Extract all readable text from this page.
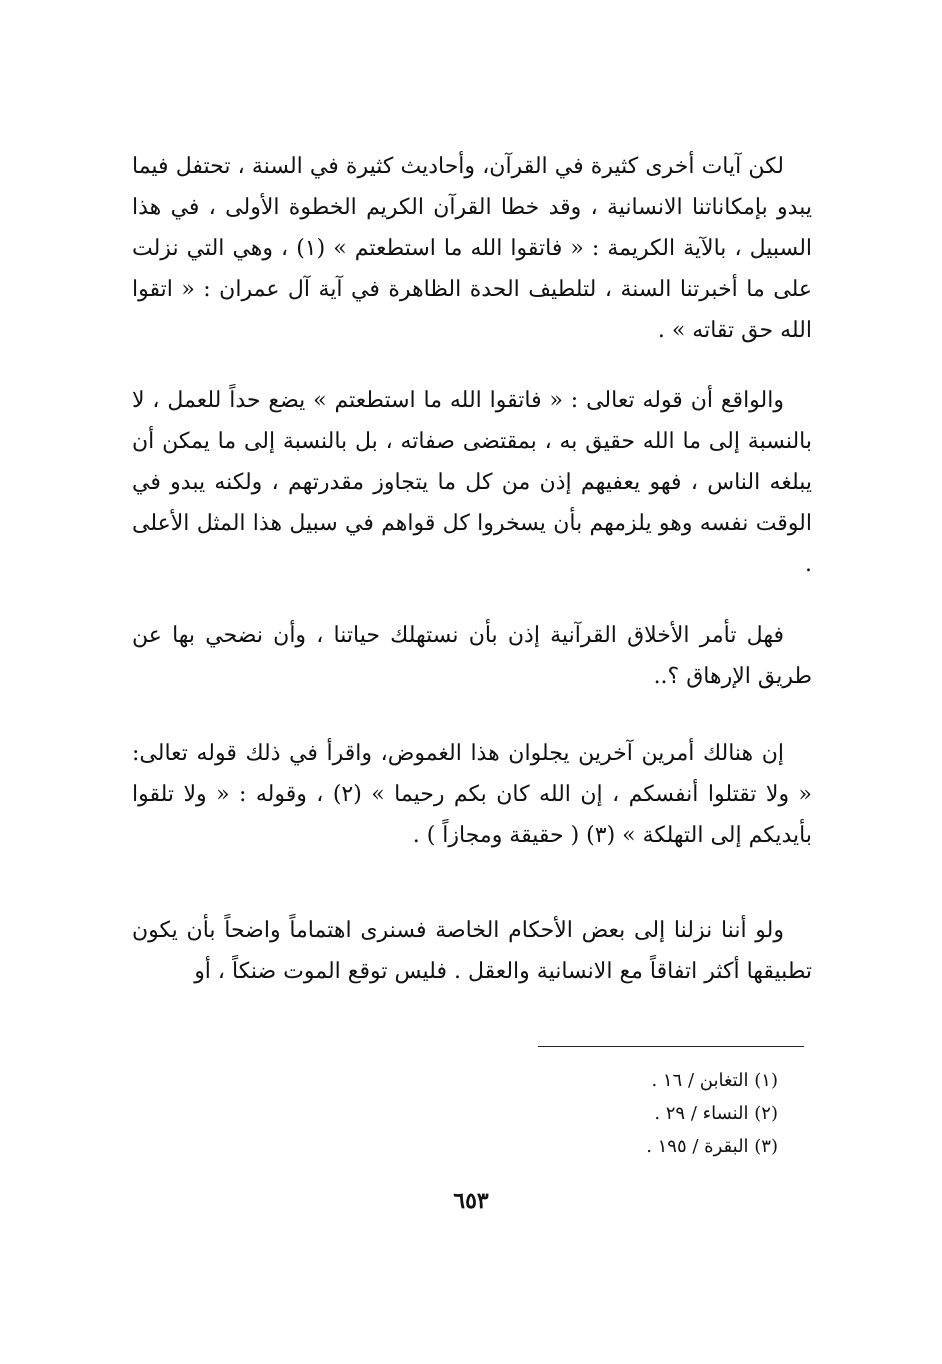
لكن آيات أخرى كثيرة في القرآن، وأحاديث كثيرة في السنة ، تحتفل فيما يبدو بإمكاناتنا الانسانية ، وقد خطا القرآن الكريم الخطوة الأولى ، في هذا السبيل ، بالآية الكريمة : « فاتقوا الله ما استطعتم » (١) ، وهي التي نزلت على ما أخبرتنا السنة ، لتلطيف الحدة الظاهرة في آية آل عمران : « اتقوا الله حق تقاته » .

والواقع أن قوله تعالى : « فاتقوا الله ما استطعتم » يضع حداً للعمل ، لا بالنسبة إلى ما الله حقيق به ، بمقتضى صفاته ، بل بالنسبة إلى ما يمكن أن يبلغه الناس ، فهو يعفيهم إذن من كل ما يتجاوز مقدرتهم ، ولكنه يبدو في الوقت نفسه وهو يلزمهم بأن يسخروا كل قواهم في سبيل هذا المثل الأعلى .

فهل تأمر الأخلاق القرآنية إذن بأن نستهلك حياتنا ، وأن نضحي بها عن طريق الإرهاق ؟..

إن هنالك أمرين آخرين يجلوان هذا الغموض، واقرأ في ذلك قوله تعالى: « ولا تقتلوا أنفسكم ، إن الله كان بكم رحيما » (٢) ، وقوله : « ولا تلقوا بأيديكم إلى التهلكة » (٣) ( حقيقة ومجازاً ) .

ولو أننا نزلنا إلى بعض الأحكام الخاصة فسنرى اهتماماً واضحاً بأن يكون تطبيقها أكثر اتفاقاً مع الانسانية والعقل . فليس توقع الموت ضنكاً ، أو

(١) التغابن / ١٦ .
(٢) النساء / ٢٩ .
(٣) البقرة / ١٩٥ .
٦٥٣
